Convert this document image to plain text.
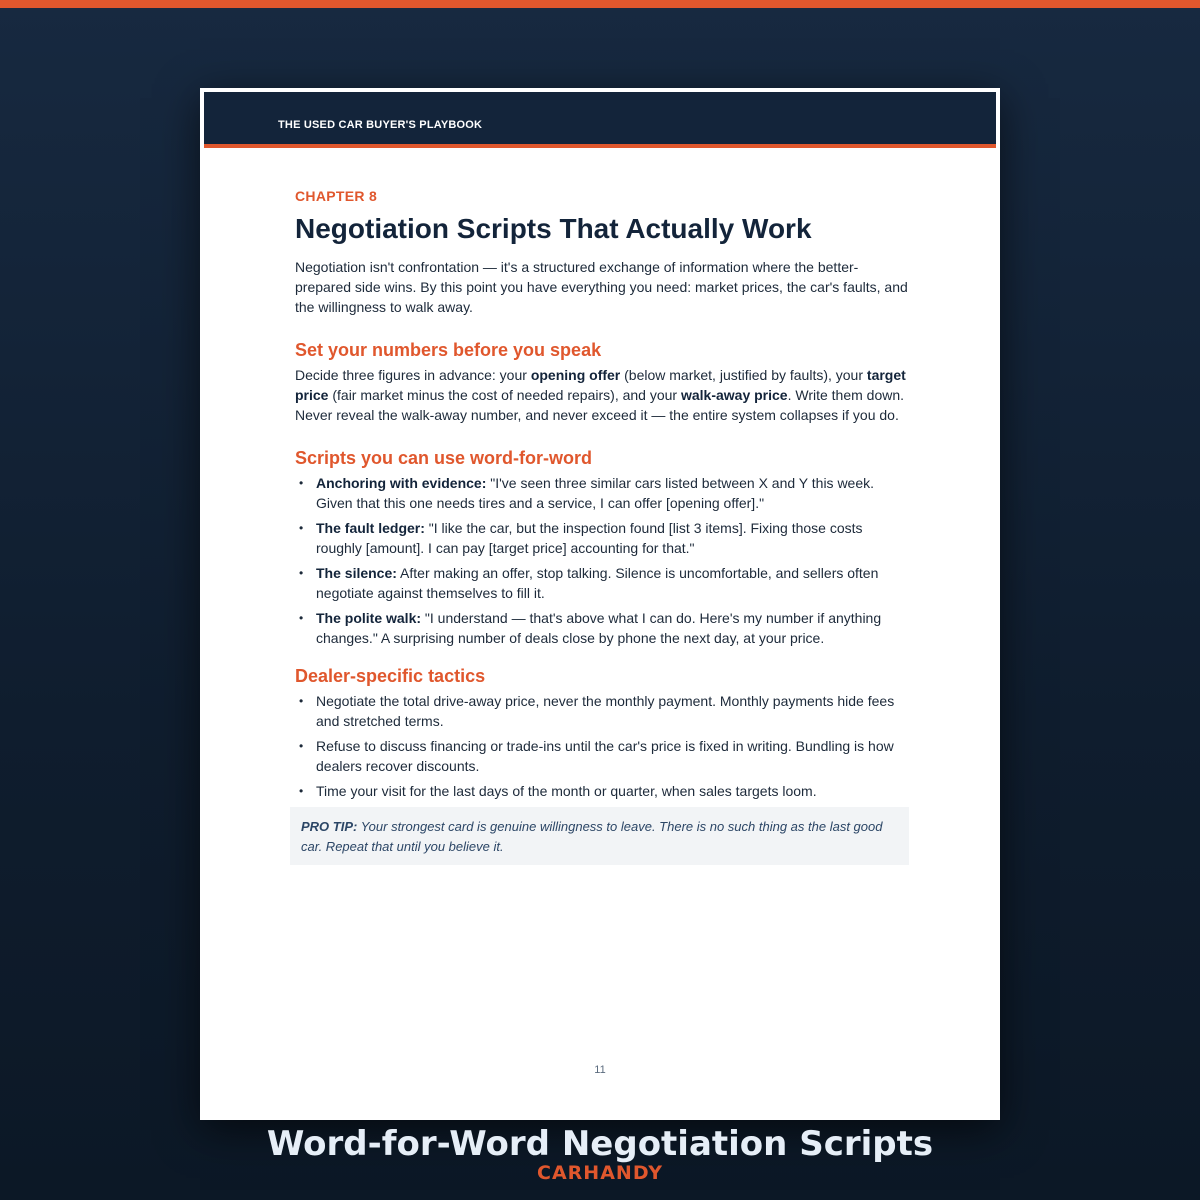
THE USED CAR BUYER'S PLAYBOOK
CHAPTER 8
Negotiation Scripts That Actually Work

Negotiation isn't confrontation — it's a structured exchange of information where the better-prepared side wins. By this point you have everything you need: market prices, the car's faults, and the willingness to walk away.

Set your numbers before you speak

Decide three figures in advance: your opening offer (below market, justified by faults), your target price (fair market minus the cost of needed repairs), and your walk-away price. Write them down. Never reveal the walk-away number, and never exceed it — the entire system collapses if you do.

Scripts you can use word-for-word
• Anchoring with evidence: "I've seen three similar cars listed between X and Y this week. Given that this one needs tires and a service, I can offer [opening offer]."
• The fault ledger: "I like the car, but the inspection found [list 3 items]. Fixing those costs roughly [amount]. I can pay [target price] accounting for that."
• The silence: After making an offer, stop talking. Silence is uncomfortable, and sellers often negotiate against themselves to fill it.
• The polite walk: "I understand — that's above what I can do. Here's my number if anything changes." A surprising number of deals close by phone the next day, at your price.
Dealer-specific tactics
• Negotiate the total drive-away price, never the monthly payment. Monthly payments hide fees and stretched terms.
• Refuse to discuss financing or trade-ins until the car's price is fixed in writing. Bundling is how dealers recover discounts.
• Time your visit for the last days of the month or quarter, when sales targets loom.
PRO TIP: Your strongest card is genuine willingness to leave. There is no such thing as the last good car. Repeat that until you believe it.
11
Word-for-Word Negotiation Scripts
CARHANDY
